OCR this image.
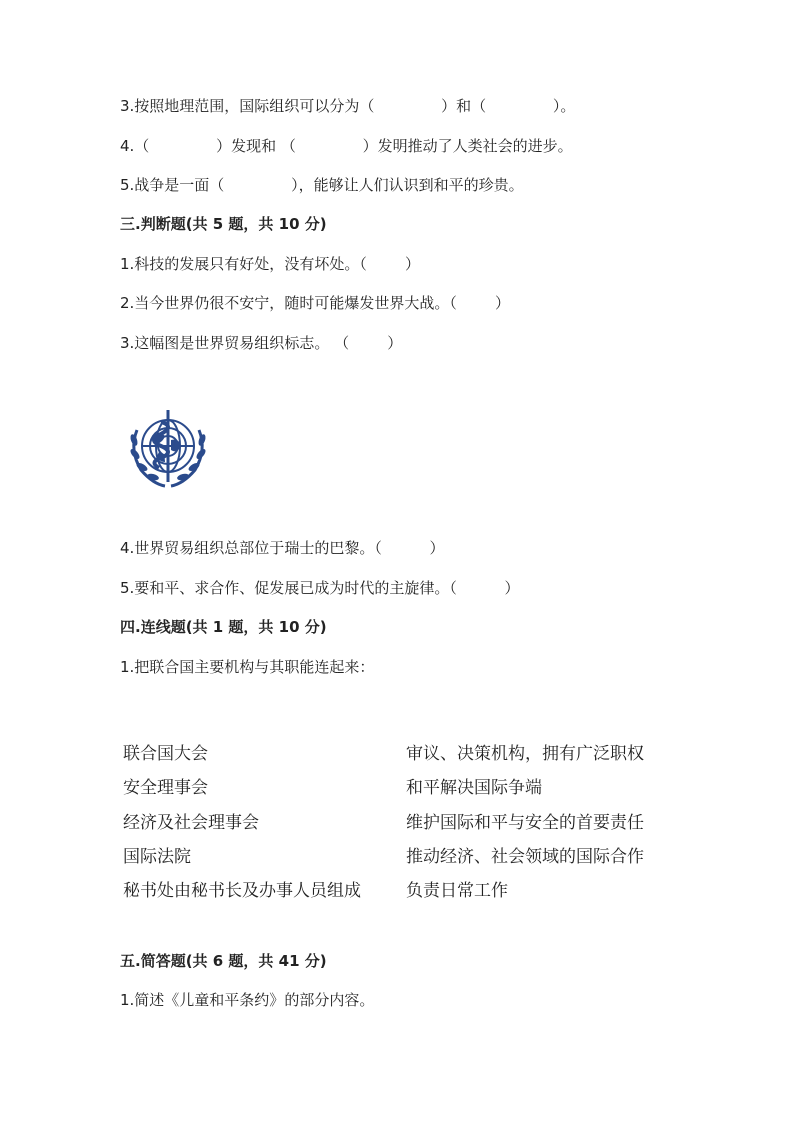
3.按照地理范围，国际组织可以分为（              ）和（              ）。
4.（              ）发现和 （              ）发明推动了人类社会的进步。
5.战争是一面（              ），能够让人们认识到和平的珍贵。
三.判断题(共 5 题，共 10 分)
1.科技的发展只有好处，没有坏处。（        ）
2.当今世界仍很不安宁，随时可能爆发世界大战。（        ）
3.这幅图是世界贸易组织标志。 （        ）
4.世界贸易组织总部位于瑞士的巴黎。（          ）
5.要和平、求合作、促发展已成为时代的主旋律。（          ）
四.连线题(共 1 题，共 10 分)
1.把联合国主要机构与其职能连起来：
联合国大会
安全理事会
经济及社会理事会
国际法院
秘书处由秘书长及办事人员组成
审议、决策机构，拥有广泛职权
和平解决国际争端
维护国际和平与安全的首要责任
推动经济、社会领域的国际合作
负责日常工作
五.简答题(共 6 题，共 41 分)
1.简述《儿童和平条约》的部分内容。
